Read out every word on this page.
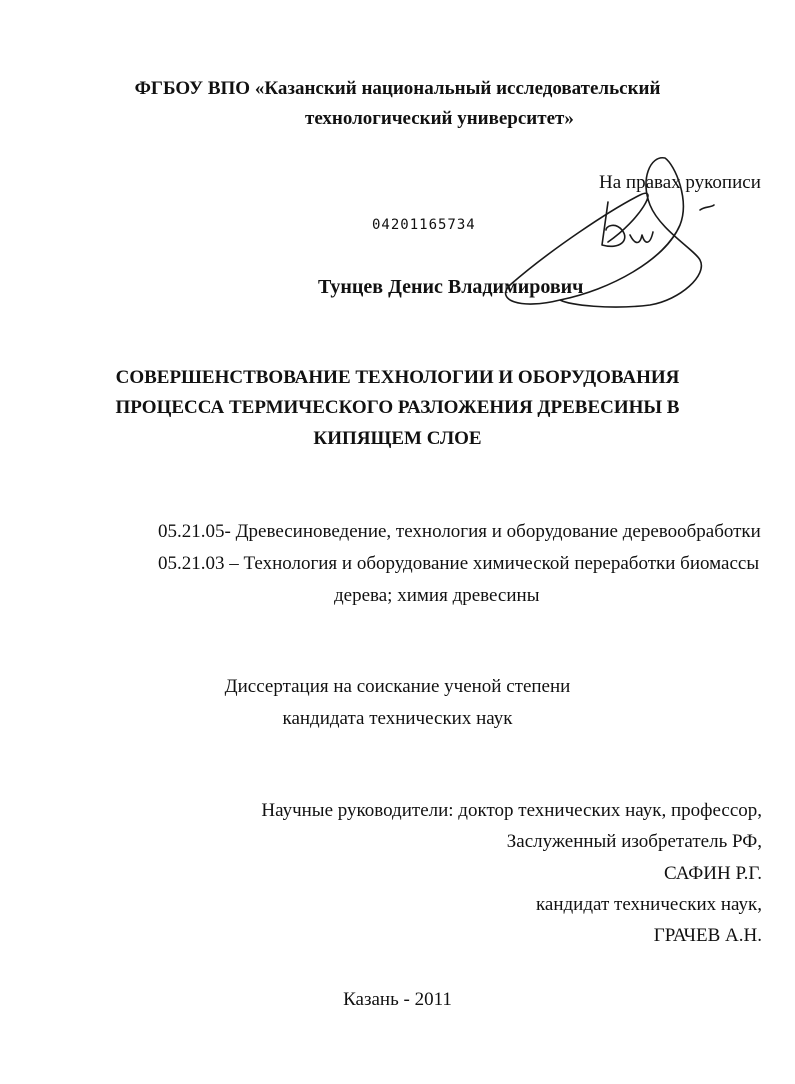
ФГБОУ ВПО «Казанский национальный исследовательский
технологический университет»
На правах рукописи
04201165734
Тунцев Денис Владимирович
СОВЕРШЕНСТВОВАНИЕ ТЕХНОЛОГИИ И ОБОРУДОВАНИЯ
ПРОЦЕССА ТЕРМИЧЕСКОГО РАЗЛОЖЕНИЯ ДРЕВЕСИНЫ В
КИПЯЩЕМ СЛОЕ
05.21.05- Древесиноведение, технология и оборудование деревообработки
05.21.03 – Технология и оборудование химической переработки биомассы
дерева; химия древесины
Диссертация на соискание ученой степени
кандидата технических наук
Научные руководители: доктор технических наук, профессор,
Заслуженный изобретатель РФ,
САФИН Р.Г.
кандидат технических наук,
ГРАЧЕВ А.Н.
Казань - 2011
